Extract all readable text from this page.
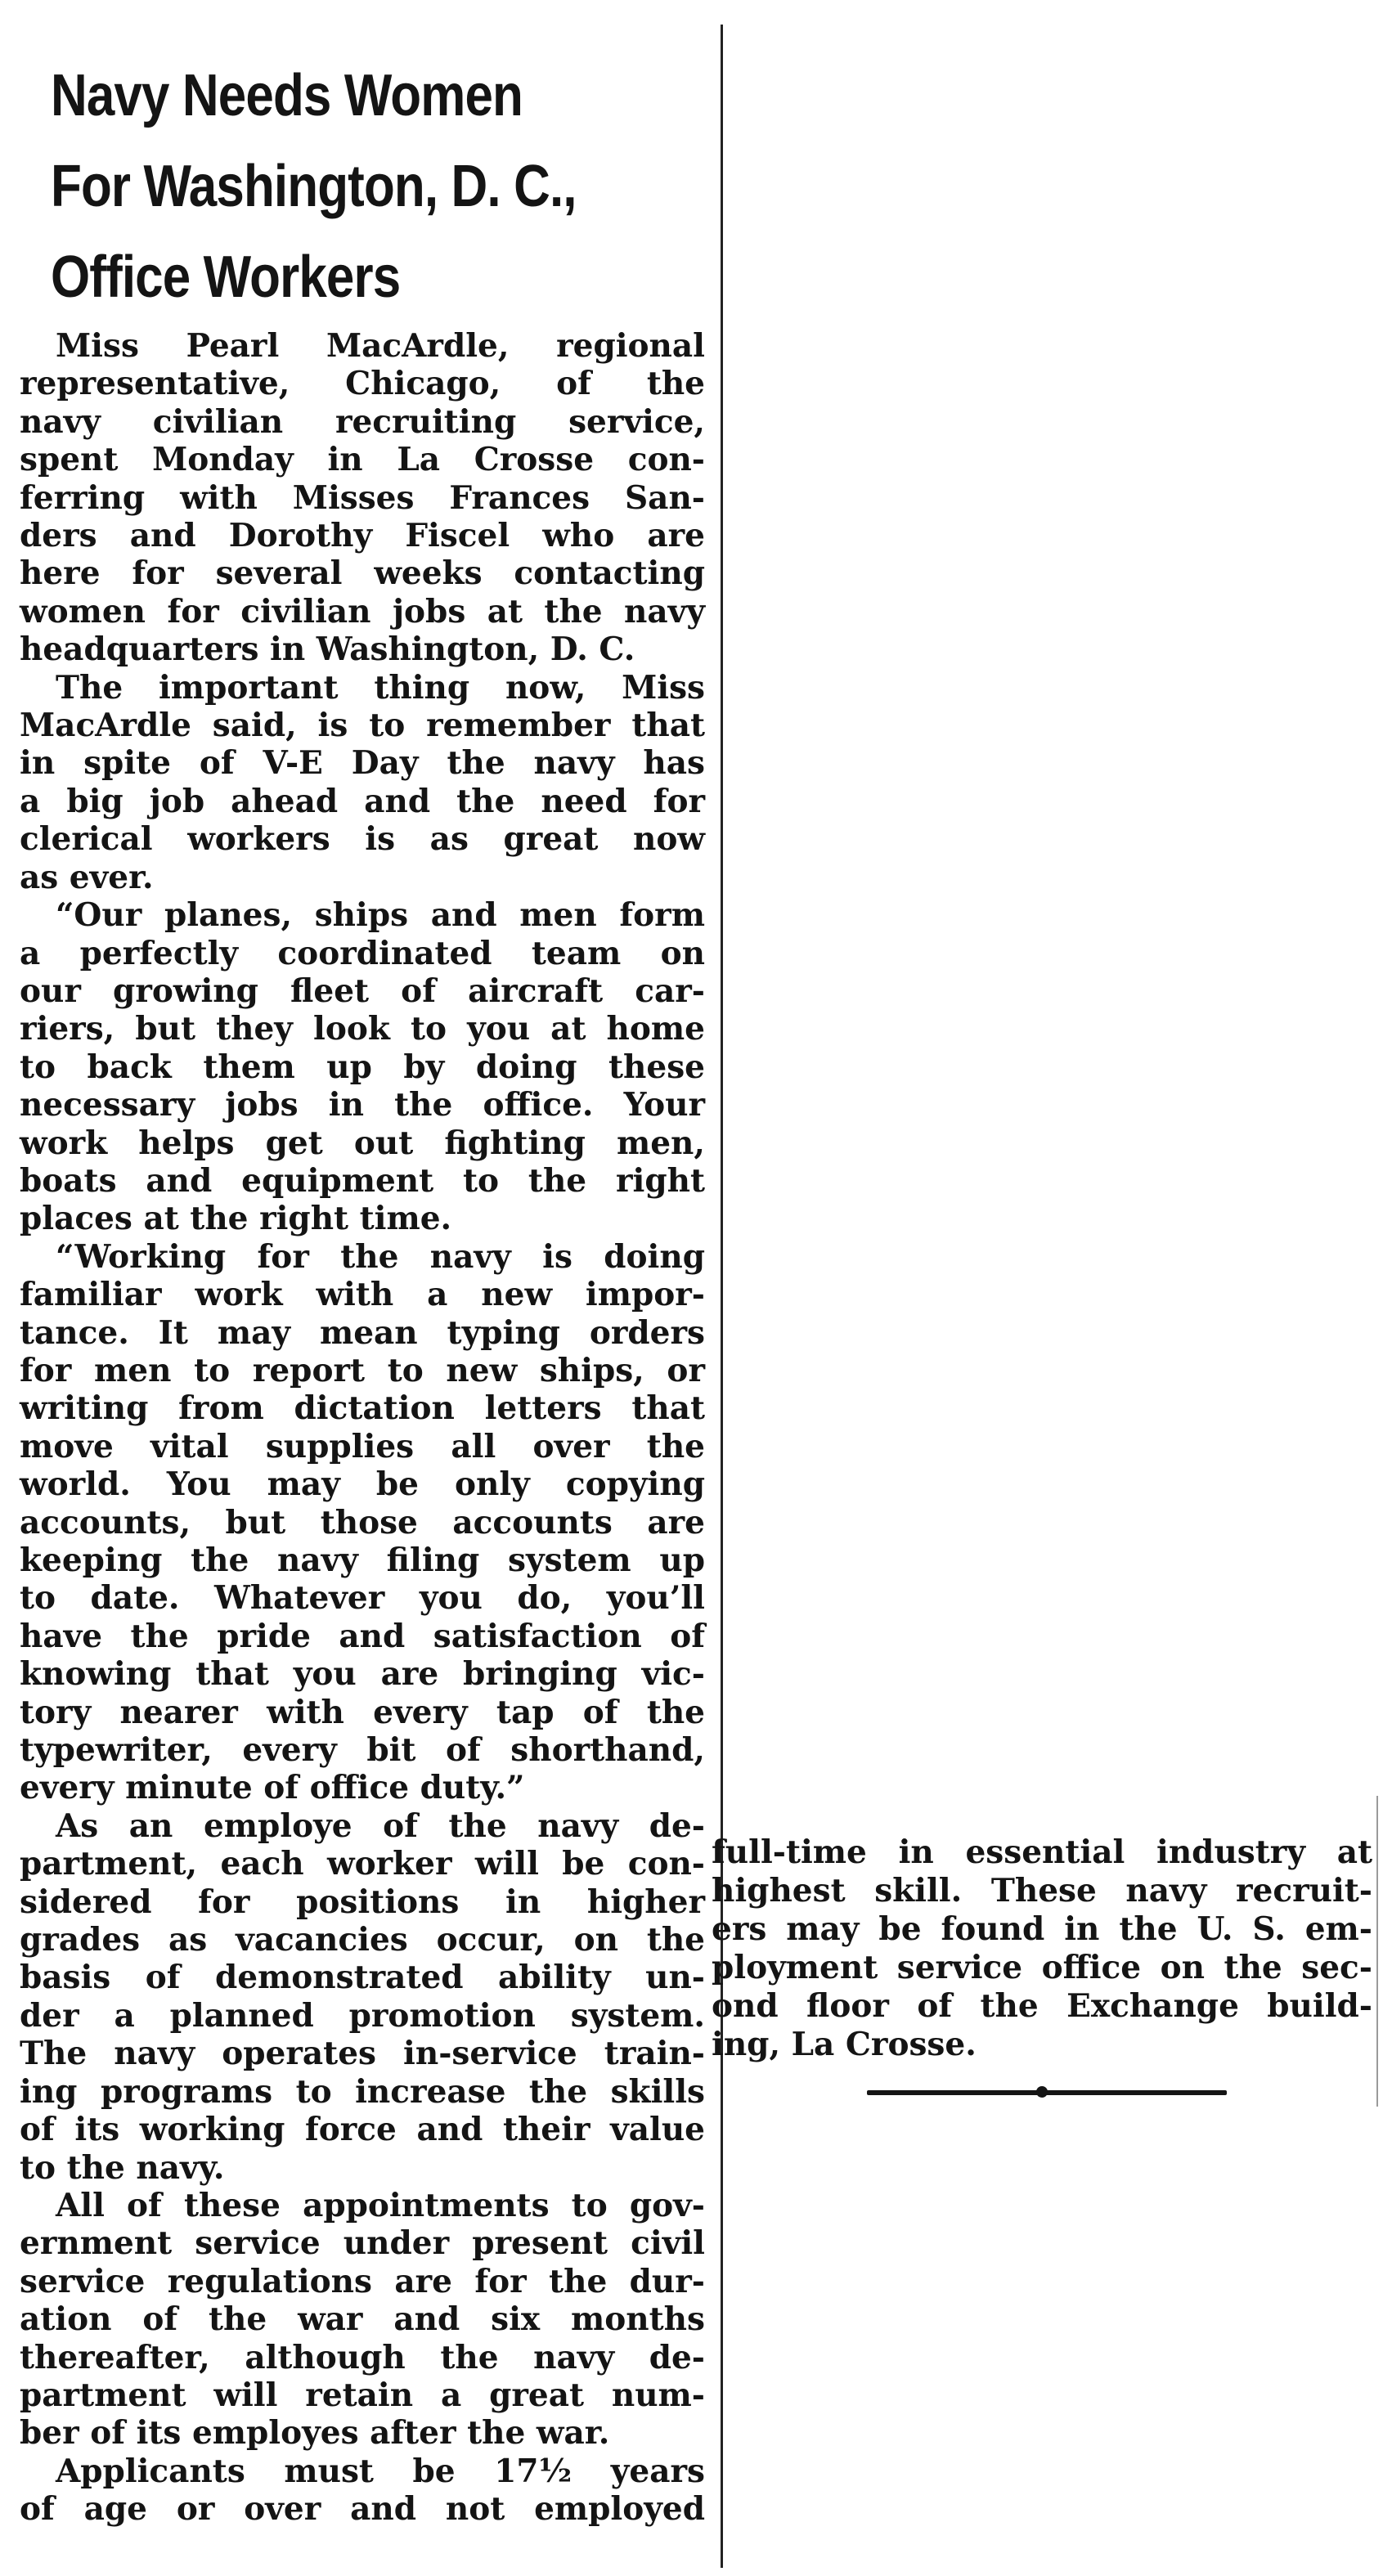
Navy Needs Women
For Washington, D. C.,
Office Workers
Miss Pearl MacArdle, regional
representative, Chicago, of the
navy civilian recruiting service,
spent Monday in La Crosse con-
ferring with Misses Frances San-
ders and Dorothy Fiscel who are
here for several weeks contacting
women for civilian jobs at the navy
headquarters in Washington, D. C.
The important thing now, Miss
MacArdle said, is to remember that
in spite of V-E Day the navy has
a big job ahead and the need for
clerical workers is as great now
as ever.
“Our planes, ships and men form
a perfectly coordinated team on
our growing fleet of aircraft car-
riers, but they look to you at home
to back them up by doing these
necessary jobs in the office. Your
work helps get out fighting men,
boats and equipment to the right
places at the right time.
“Working for the navy is doing
familiar work with a new impor-
tance. It may mean typing orders
for men to report to new ships, or
writing from dictation letters that
move vital supplies all over the
world. You may be only copying
accounts, but those accounts are
keeping the navy filing system up
to date. Whatever you do, you’ll
have the pride and satisfaction of
knowing that you are bringing vic-
tory nearer with every tap of the
typewriter, every bit of shorthand,
every minute of office duty.”
As an employe of the navy de-
partment, each worker will be con-
sidered for positions in higher
grades as vacancies occur, on the
basis of demonstrated ability un-
der a planned promotion system.
The navy operates in-service train-
ing programs to increase the skills
of its working force and their value
to the navy.
All of these appointments to gov-
ernment service under present civil
service regulations are for the dur-
ation of the war and six months
thereafter, although the navy de-
partment will retain a great num-
ber of its employes after the war.
Applicants must be 17½ years
of age or over and not employed
full-time in essential industry at
highest skill. These navy recruit-
ers may be found in the U. S. em-
ployment service office on the sec-
ond floor of the Exchange build-
ing, La Crosse.
